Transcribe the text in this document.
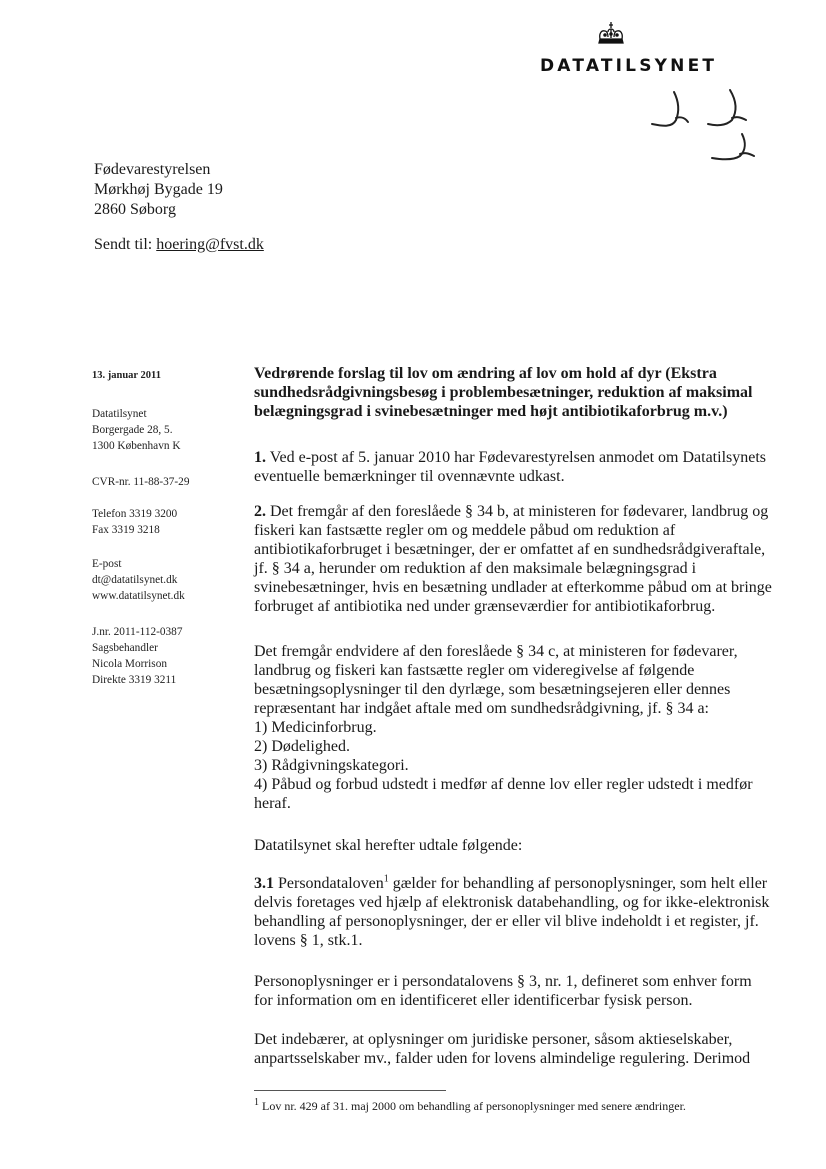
DATATILSYNET
Fødevarestyrelsen
Mørkhøj Bygade 19
2860 Søborg
Sendt til: hoering@fvst.dk
13. januar 2011
Datatilsynet
Borgergade 28, 5.
1300 København K
CVR-nr. 11-88-37-29
Telefon 3319 3200
Fax 3319 3218
E-post
dt@datatilsynet.dk
www.datatilsynet.dk
J.nr. 2011-112-0387
Sagsbehandler
Nicola Morrison
Direkte 3319 3211

Vedrørende forslag til lov om ændring af lov om hold af dyr (Ekstra sundhedsrådgivningsbesøg i problembesætninger, reduktion af maksimal belægningsgrad i svinebesætninger med højt antibiotikaforbrug m.v.)

1. Ved e-post af 5. januar 2010 har Fødevarestyrelsen anmodet om Datatilsynets eventuelle bemærkninger til ovennævnte udkast.

2. Det fremgår af den foreslåede § 34 b, at ministeren for fødevarer, landbrug og fiskeri kan fastsætte regler om og meddele påbud om reduktion af antibiotikaforbruget i besætninger, der er omfattet af en sundhedsrådgiveraftale, jf. § 34 a, herunder om reduktion af den maksimale belægningsgrad i svinebesætninger, hvis en besætning undlader at efterkomme påbud om at bringe forbruget af antibiotika ned under grænseværdier for antibiotikaforbrug.

Det fremgår endvidere af den foreslåede § 34 c, at ministeren for fødevarer, landbrug og fiskeri kan fastsætte regler om videregivelse af følgende besætningsoplysninger til den dyrlæge, som besætningsejeren eller dennes repræsentant har indgået aftale med om sundhedsrådgivning, jf. § 34 a:

1) Medicinforbrug.
2) Dødelighed.
3) Rådgivningskategori.
4) Påbud og forbud udstedt i medfør af denne lov eller regler udstedt i medfør heraf.

Datatilsynet skal herefter udtale følgende:

3.1 Persondataloven$^1$ gælder for behandling af personoplysninger, som helt eller delvis foretages ved hjælp af elektronisk databehandling, og for ikke-elektronisk behandling af personoplysninger, der er eller vil blive indeholdt i et register, jf. lovens § 1, stk.1.

Personoplysninger er i persondatalovens § 3, nr. 1, defineret som enhver form for information om en identificeret eller identificerbar fysisk person.

Det indebærer, at oplysninger om juridiske personer, såsom aktieselskaber, anpartsselskaber mv., falder uden for lovens almindelige regulering. Derimod

$^1$ Lov nr. 429 af 31. maj 2000 om behandling af personoplysninger med senere ændringer.
